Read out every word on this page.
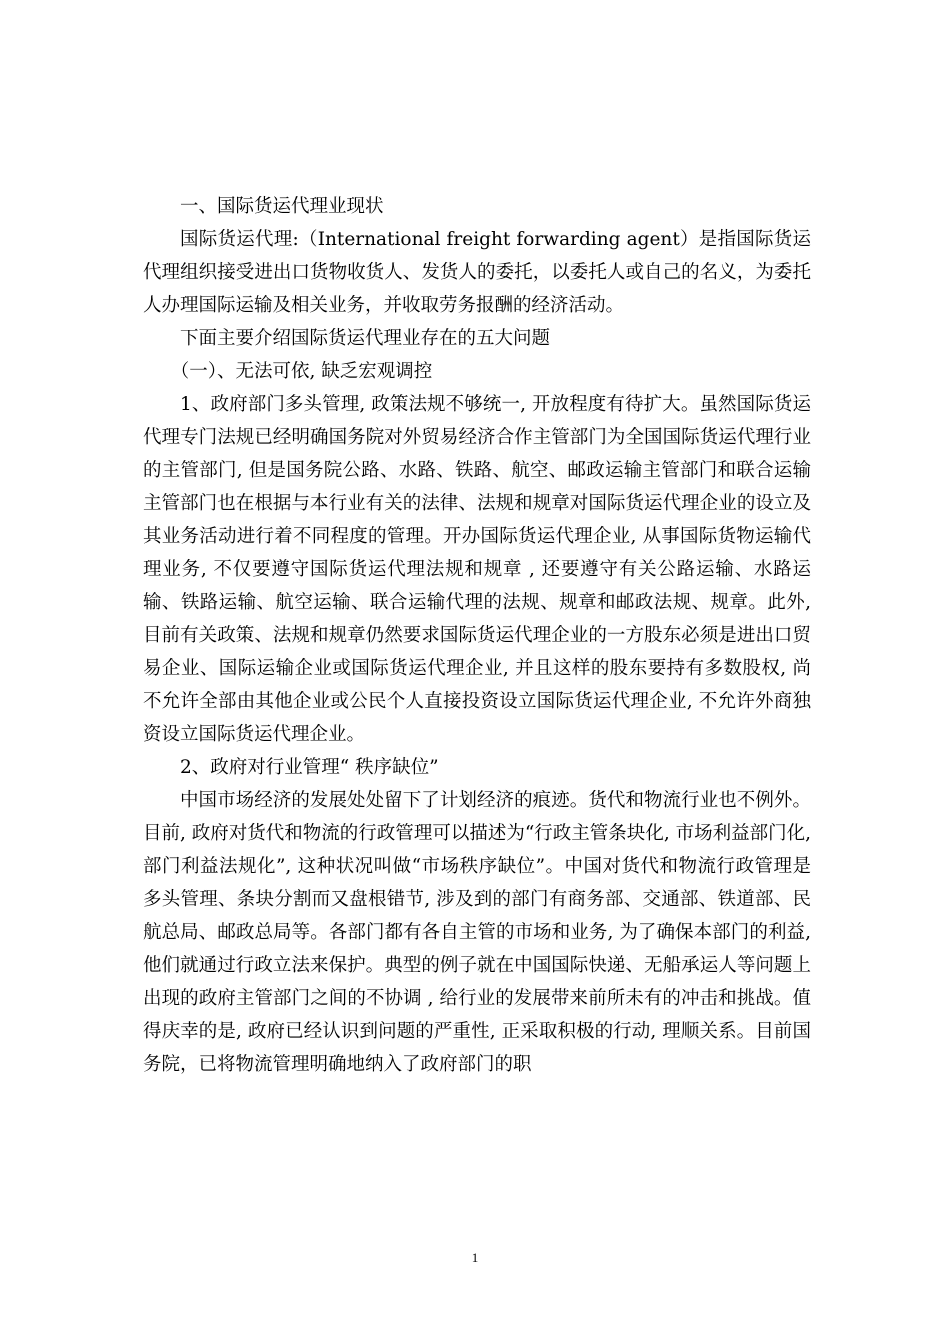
一、国际货运代理业现状

国际货运代理:（International freight forwarding agent）是指国际货运代理组织接受进出口货物收货人、发货人的委托，以委托人或自己的名义，为委托人办理国际运输及相关业务，并收取劳务报酬的经济活动。

下面主要介绍国际货运代理业存在的五大问题

（一）、无法可依, 缺乏宏观调控

1、政府部门多头管理, 政策法规不够统一, 开放程度有待扩大。虽然国际货运代理专门法规已经明确国务院对外贸易经济合作主管部门为全国国际货运代理行业的主管部门, 但是国务院公路、水路、铁路、航空、邮政运输主管部门和联合运输主管部门也在根据与本行业有关的法律、法规和规章对国际货运代理企业的设立及其业务活动进行着不同程度的管理。开办国际货运代理企业, 从事国际货物运输代理业务, 不仅要遵守国际货运代理法规和规章 , 还要遵守有关公路运输、水路运输、铁路运输、航空运输、联合运输代理的法规、规章和邮政法规、规章。此外, 目前有关政策、法规和规章仍然要求国际货运代理企业的一方股东必须是进出口贸易企业、国际运输企业或国际货运代理企业, 并且这样的股东要持有多数股权, 尚不允许全部由其他企业或公民个人直接投资设立国际货运代理企业, 不允许外商独资设立国际货运代理企业。

2、政府对行业管理“ 秩序缺位”

中国市场经济的发展处处留下了计划经济的痕迹。货代和物流行业也不例外。目前, 政府对货代和物流的行政管理可以描述为“行政主管条块化, 市场利益部门化, 部门利益法规化”, 这种状况叫做“市场秩序缺位”。中国对货代和物流行政管理是多头管理、条块分割而又盘根错节, 涉及到的部门有商务部、交通部、铁道部、民航总局、邮政总局等。各部门都有各自主管的市场和业务, 为了确保本部门的利益, 他们就通过行政立法来保护。典型的例子就在中国国际快递、无船承运人等问题上出现的政府主管部门之间的不协调 , 给行业的发展带来前所未有的冲击和挑战。值得庆幸的是, 政府已经认识到问题的严重性, 正采取积极的行动, 理顺关系。目前国务院，已将物流管理明确地纳入了政府部门的职

1
